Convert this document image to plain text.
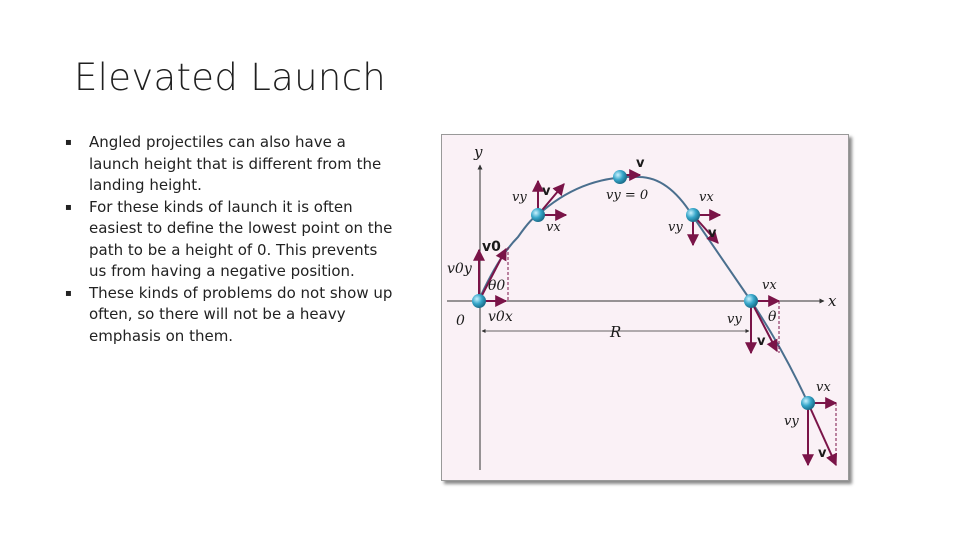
Elevated Launch
▪ Angled projectiles can also have a launch height that is different from the landing height.
▪ For these kinds of launch it is often easiest to define the lowest point on the path to be a height of 0. This prevents us from having a negative position.
▪ These kinds of problems do not show up often, so there will not be a heavy emphasis on them.
y
x
0
R
v0
v0y
θ0
v0x
vy
vx
v
v
vy = 0	vx
vy v
vx
vy θ
v
vx
vy
v
